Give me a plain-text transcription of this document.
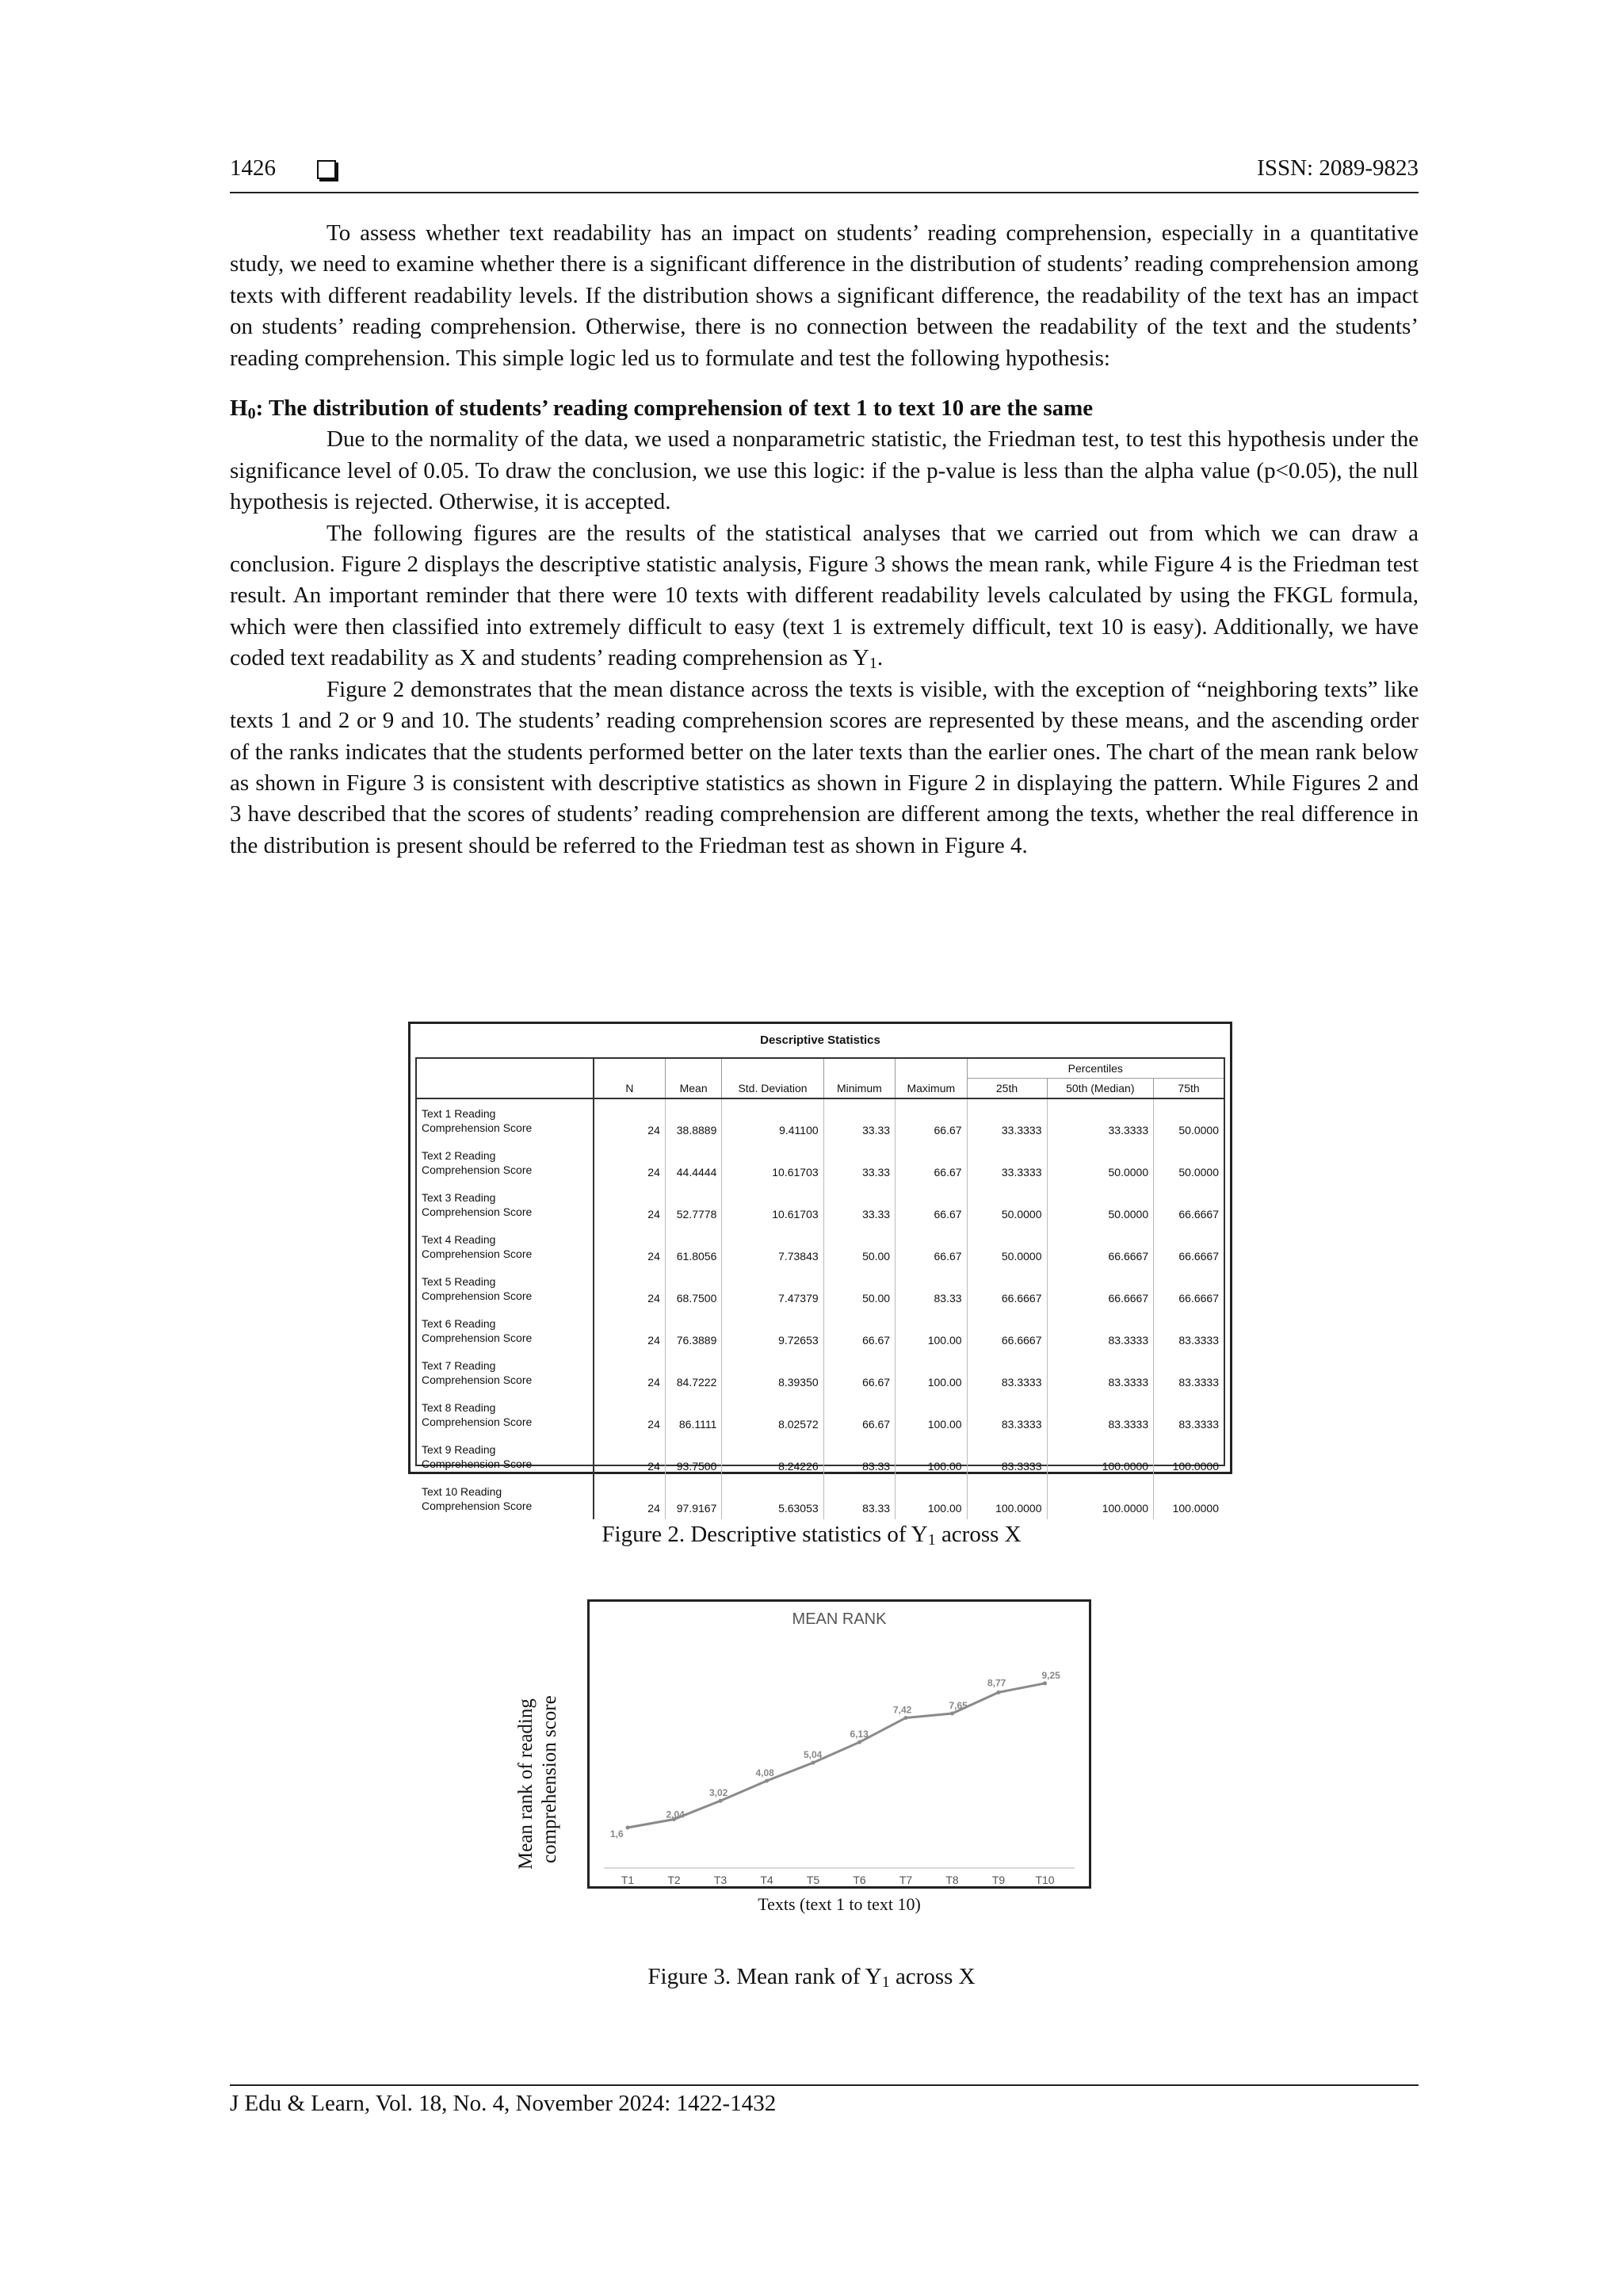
1426	ISSN: 2089-9823

To assess whether text readability has an impact on students’ reading comprehension, especially in a quantitative study, we need to examine whether there is a significant difference in the distribution of students’ reading comprehension among texts with different readability levels. If the distribution shows a significant difference, the readability of the text has an impact on students’ reading comprehension. Otherwise, there is no connection between the readability of the text and the students’ reading comprehension. This simple logic led us to formulate and test the following hypothesis:

$H_0$: The distribution of students’ reading comprehension of text 1 to text 10 are the same

Due to the normality of the data, we used a nonparametric statistic, the Friedman test, to test this hypothesis under the significance level of 0.05. To draw the conclusion, we use this logic: if the p-value is less than the alpha value (p<0.05), the null hypothesis is rejected. Otherwise, it is accepted.

The following figures are the results of the statistical analyses that we carried out from which we can draw a conclusion. Figure 2 displays the descriptive statistic analysis, Figure 3 shows the mean rank, while Figure 4 is the Friedman test result. An important reminder that there were 10 texts with different readability levels calculated by using the FKGL formula, which were then classified into extremely difficult to easy (text 1 is extremely difficult, text 10 is easy). Additionally, we have coded text readability as X and students’ reading comprehension as $Y_1$.

Figure 2 demonstrates that the mean distance across the texts is visible, with the exception of “neighboring texts” like texts 1 and 2 or 9 and 10. The students’ reading comprehension scores are represented by these means, and the ascending order of the ranks indicates that the students performed better on the later texts than the earlier ones. The chart of the mean rank below as shown in Figure 3 is consistent with descriptive statistics as shown in Figure 2 in displaying the pattern. While Figures 2 and 3 have described that the scores of students’ reading comprehension are different among the texts, whether the real difference in the distribution is present should be referred to the Friedman test as shown in Figure 4.

Descriptive Statistics
						Percentiles		
	N	Mean	Std. Deviation	Minimum	Maximum	25th	50th (Median)	75th

Text 1 Reading
Comprehension Score	24	38.8889	9.41100	33.33	66.67	33.3333	33.3333	50.0000

Text 2 Reading
Comprehension Score	24	44.4444	10.61703	33.33	66.67	33.3333	50.0000	50.0000

Text 3 Reading
Comprehension Score	24	52.7778	10.61703	33.33	66.67	50.0000	50.0000	66.6667

Text 4 Reading
Comprehension Score	24	61.8056	7.73843	50.00	66.67	50.0000	66.6667	66.6667

Text 5 Reading
Comprehension Score	24	68.7500	7.47379	50.00	83.33	66.6667	66.6667	66.6667

Text 6 Reading
Comprehension Score	24	76.3889	9.72653	66.67	100.00	66.6667	83.3333	83.3333

Text 7 Reading
Comprehension Score	24	84.7222	8.39350	66.67	100.00	83.3333	83.3333	83.3333

Text 8 Reading
Comprehension Score	24	86.1111	8.02572	66.67	100.00	83.3333	83.3333	83.3333

Text 9 Reading
Comprehension Score	24	93.7500	8.24226	83.33	100.00	83.3333	100.0000	100.0000

Text 10 Reading
Comprehension Score	24	97.9167	5.63053	83.33	100.00	100.0000	100.0000	100.0000
Figure 2. Descriptive statistics of $Y_1$ across X
Mean rank of reading comprehension score
MEAN RANK
1,6
T1
2,04
T2
3,02
T3
4,08
T4
5,04
T5
6,13
T6
7,42
T7
7,65
T8
8,77
T9
9,25
T10
Texts (text 1 to text 10)
Figure 3. Mean rank of $Y_1$ across X
J Edu & Learn, Vol. 18, No. 4, November 2024: 1422-1432
